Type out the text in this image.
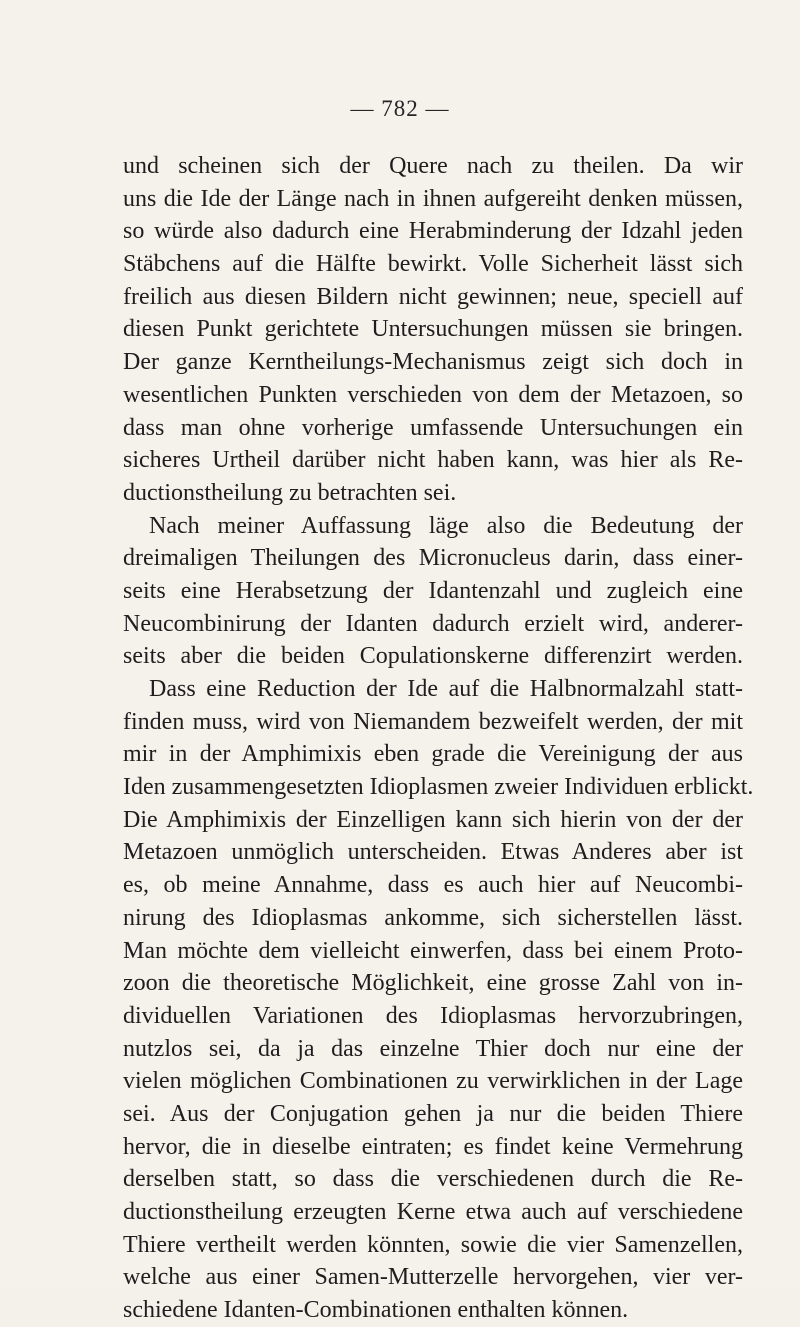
— 782 —
und scheinen sich der Quere nach zu theilen. Da wir
uns die Ide der Länge nach in ihnen aufgereiht denken müssen,
so würde also dadurch eine Herabminderung der Idzahl jeden
Stäbchens auf die Hälfte bewirkt. Volle Sicherheit lässt sich
freilich aus diesen Bildern nicht gewinnen; neue, speciell auf
diesen Punkt gerichtete Untersuchungen müssen sie bringen.
Der ganze Kerntheilungs-Mechanismus zeigt sich doch in
wesentlichen Punkten verschieden von dem der Metazoen, so
dass man ohne vorherige umfassende Untersuchungen ein
sicheres Urtheil darüber nicht haben kann, was hier als Re-
ductionstheilung zu betrachten sei.
Nach meiner Auffassung läge also die Bedeutung der
dreimaligen Theilungen des Micronucleus darin, dass einer-
seits eine Herabsetzung der Idantenzahl und zugleich eine
Neucombinirung der Idanten dadurch erzielt wird, anderer-
seits aber die beiden Copulationskerne differenzirt werden.
Dass eine Reduction der Ide auf die Halbnormalzahl statt-
finden muss, wird von Niemandem bezweifelt werden, der mit
mir in der Amphimixis eben grade die Vereinigung der aus
Iden zusammengesetzten Idioplasmen zweier Individuen erblickt.
Die Amphimixis der Einzelligen kann sich hierin von der der
Metazoen unmöglich unterscheiden. Etwas Anderes aber ist
es, ob meine Annahme, dass es auch hier auf Neucombi-
nirung des Idioplasmas ankomme, sich sicherstellen lässt.
Man möchte dem vielleicht einwerfen, dass bei einem Proto-
zoon die theoretische Möglichkeit, eine grosse Zahl von in-
dividuellen Variationen des Idioplasmas hervorzubringen,
nutzlos sei, da ja das einzelne Thier doch nur eine der
vielen möglichen Combinationen zu verwirklichen in der Lage
sei. Aus der Conjugation gehen ja nur die beiden Thiere
hervor, die in dieselbe eintraten; es findet keine Vermehrung
derselben statt, so dass die verschiedenen durch die Re-
ductionstheilung erzeugten Kerne etwa auch auf verschiedene
Thiere vertheilt werden könnten, sowie die vier Samenzellen,
welche aus einer Samen-Mutterzelle hervorgehen, vier ver-
schiedene Idanten-Combinationen enthalten können.
